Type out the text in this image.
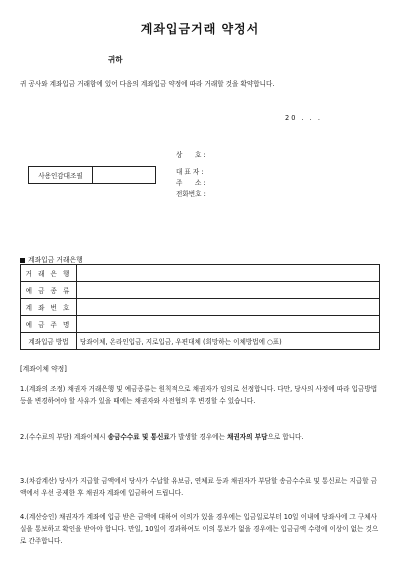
계좌입금거래 약정서
귀하
귀 공사와 계좌입금 거래함에 있어 다음의 계좌입금 약정에 따라 거래할 것을 확약합니다.
20 . . .
사용인감대조필
상      호 :
대 표 자 :
주      소 :
전화번호 :
계좌입금 거래은행
거 래 은 행	
예 금 종 류	
계 좌 번 호	
예 금 주 명	
계좌입금 방법	당좌이체, 온라인입금, 지로입금, 우편대체 (희망하는 이체방법에 ○표)
[계좌이체 약정]
1.(계좌의 조정) 채권자 거래은행 및 예금종류는 원칙적으로 채권자가 임의로 선정합니다. 다만, 당사의 사정에 따라 입금방법 등을 변경하여야 할 사유가 있을 때에는 채권자와 사전협의 후 변경할 수 있습니다.
2.(수수료의 부담) 계좌이체시 송금수수료 및 통신료가 발생할 경우에는 채권자의 부담으로 합니다.
3.(차감계산) 당사가 지급할 금액에서 당사가 수납할 유보금, 연체료 등과 채권자가 부담할 송금수수료 및 통신료는 지급할 금액에서 우선 공제한 후 채권자 계좌에 입금하여 드립니다.
4.(계산승인) 채권자가 계좌에 입금 받은 금액에 대하여 이의가 있을 경우에는 입금일로부터 10일 이내에 당좌사에 그 구체사실을 통보하고 확인을 받아야 합니다. 만일, 10일이 경과하여도 이의 통보가 없을 경우에는 입금금액 수령에 이상이 없는 것으로 간주합니다.
